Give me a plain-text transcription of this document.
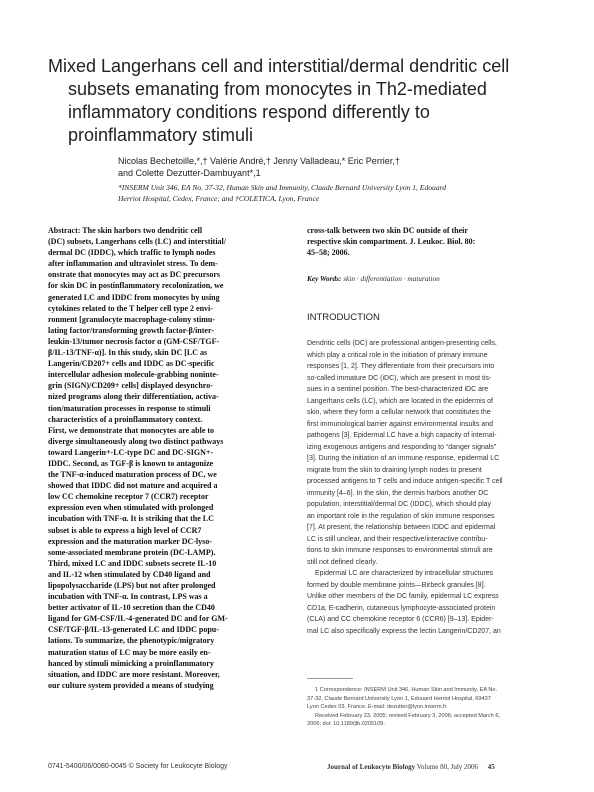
Mixed Langerhans cell and interstitial/dermal dendritic cell
subsets emanating from monocytes in Th2-mediated
inflammatory conditions respond differently to
proinflammatory stimuli
Nicolas Bechetoille,*,† Valérie André,† Jenny Valladeau,* Eric Perrier,†
and Colette Dezutter-Dambuyant*,1
*INSERM Unit 346, EA No. 37-32, Human Skin and Immunity, Claude Bernard University Lyon 1, Edouard
Herriot Hospital, Cedex, France; and †COLETICA, Lyon, France
Abstract: The skin harbors two dendritic cell
(DC) subsets, Langerhans cells (LC) and interstitial/
dermal DC (IDDC), which traffic to lymph nodes
after inflammation and ultraviolet stress. To dem-
onstrate that monocytes may act as DC precursors
for skin DC in postinflammatory recolonization, we
generated LC and IDDC from monocytes by using
cytokines related to the T helper cell type 2 envi-
ronment [granulocyte macrophage-colony stimu-
lating factor/transforming growth factor-β/inter-
leukin-13/tumor necrosis factor α (GM-CSF/TGF-
β/IL-13/TNF-α)]. In this study, skin DC [LC as
Langerin/CD207+ cells and IDDC as DC-specific
intercellular adhesion molecule-grabbing noninte-
grin (SIGN)/CD209+ cells] displayed desynchro-
nized programs along their differentiation, activa-
tion/maturation processes in response to stimuli
characteristics of a proinflammatory context.
First, we demonstrate that monocytes are able to
diverge simultaneously along two distinct pathways
toward Langerin+-LC-type DC and DC-SIGN+-
IDDC. Second, as TGF-β is known to antagonize
the TNF-α-induced maturation process of DC, we
showed that IDDC did not mature and acquired a
low CC chemokine receptor 7 (CCR7) receptor
expression even when stimulated with prolonged
incubation with TNF-α. It is striking that the LC
subset is able to express a high level of CCR7
expression and the maturation marker DC-lyso-
some-associated membrane protein (DC-LAMP).
Third, mixed LC and IDDC subsets secrete IL-10
and IL-12 when stimulated by CD40 ligand and
lipopolysaccharide (LPS) but not after prolonged
incubation with TNF-α. In contrast, LPS was a
better activator of IL-10 secretion than the CD40
ligand for GM-CSF/IL-4-generated DC and for GM-
CSF/TGF-β/IL-13-generated LC and IDDC popu-
lations. To summarize, the phenotypic/migratory
maturation status of LC may be more easily en-
hanced by stimuli mimicking a proinflammatory
situation, and IDDC are more resistant. Moreover,
our culture system provided a means of studying
cross-talk between two skin DC outside of their
respective skin compartment. J. Leukoc. Biol. 80:
45–58; 2006.
Key Words: skin · differentiation · maturation
INTRODUCTION
Dendritic cells (DC) are professional antigen-presenting cells,
which play a critical role in the initiation of primary immune
responses [1, 2]. They differentiate from their precursors into
so-called immature DC (iDC), which are present in most tis-
sues in a sentinel position. The best-characterized iDC are
Langerhans cells (LC), which are located in the epidermis of
skin, where they form a cellular network that constitutes the
first immunological barrier against environmental insults and
pathogens [3]. Epidermal LC have a high capacity of internal-
izing exogenous antigens and responding to “danger signals”
[3]. During the initiation of an immune response, epidermal LC
migrate from the skin to draining lymph nodes to present
processed antigens to T cells and induce antigen-specific T cell
immunity [4–6]. In the skin, the dermis harbors another DC
population, interstitial/dermal DC (IDDC), which should play
an important role in the regulation of skin immune responses
[7]. At present, the relationship between IDDC and epidermal
LC is still unclear, and their respective/interactive contribu-
tions to skin immune responses to environmental stimuli are
still not defined clearly.
Epidermal LC are characterized by intracellular structures
formed by double membrane joints—Birbeck granules [8].
Unlike other members of the DC family, epidermal LC express
CD1a, E-cadherin, cutaneous lymphocyte-associated protein
(CLA) and CC chemokine receptor 6 (CCR6) [9–13]. Epider-
mal LC also specifically express the lectin Langerin/CD207, an
1 Correspondence: INSERM Unit 346, Human Skin and Immunity, EA No.
37-32, Claude Bernard University Lyon 1, Edouard Herriot Hospital, 69437
Lyon Cedex 03, France. E-mail: dezutter@lyon.inserm.fr
Received February 23, 2005; revised February 3, 2006; accepted March 6,
2006; doi: 10.1189/jlb.0205109.
0741-5400/06/0080-0045 © Society for Leukocyte Biology	Journal of Leukocyte Biology Volume 80, July 2006 45
